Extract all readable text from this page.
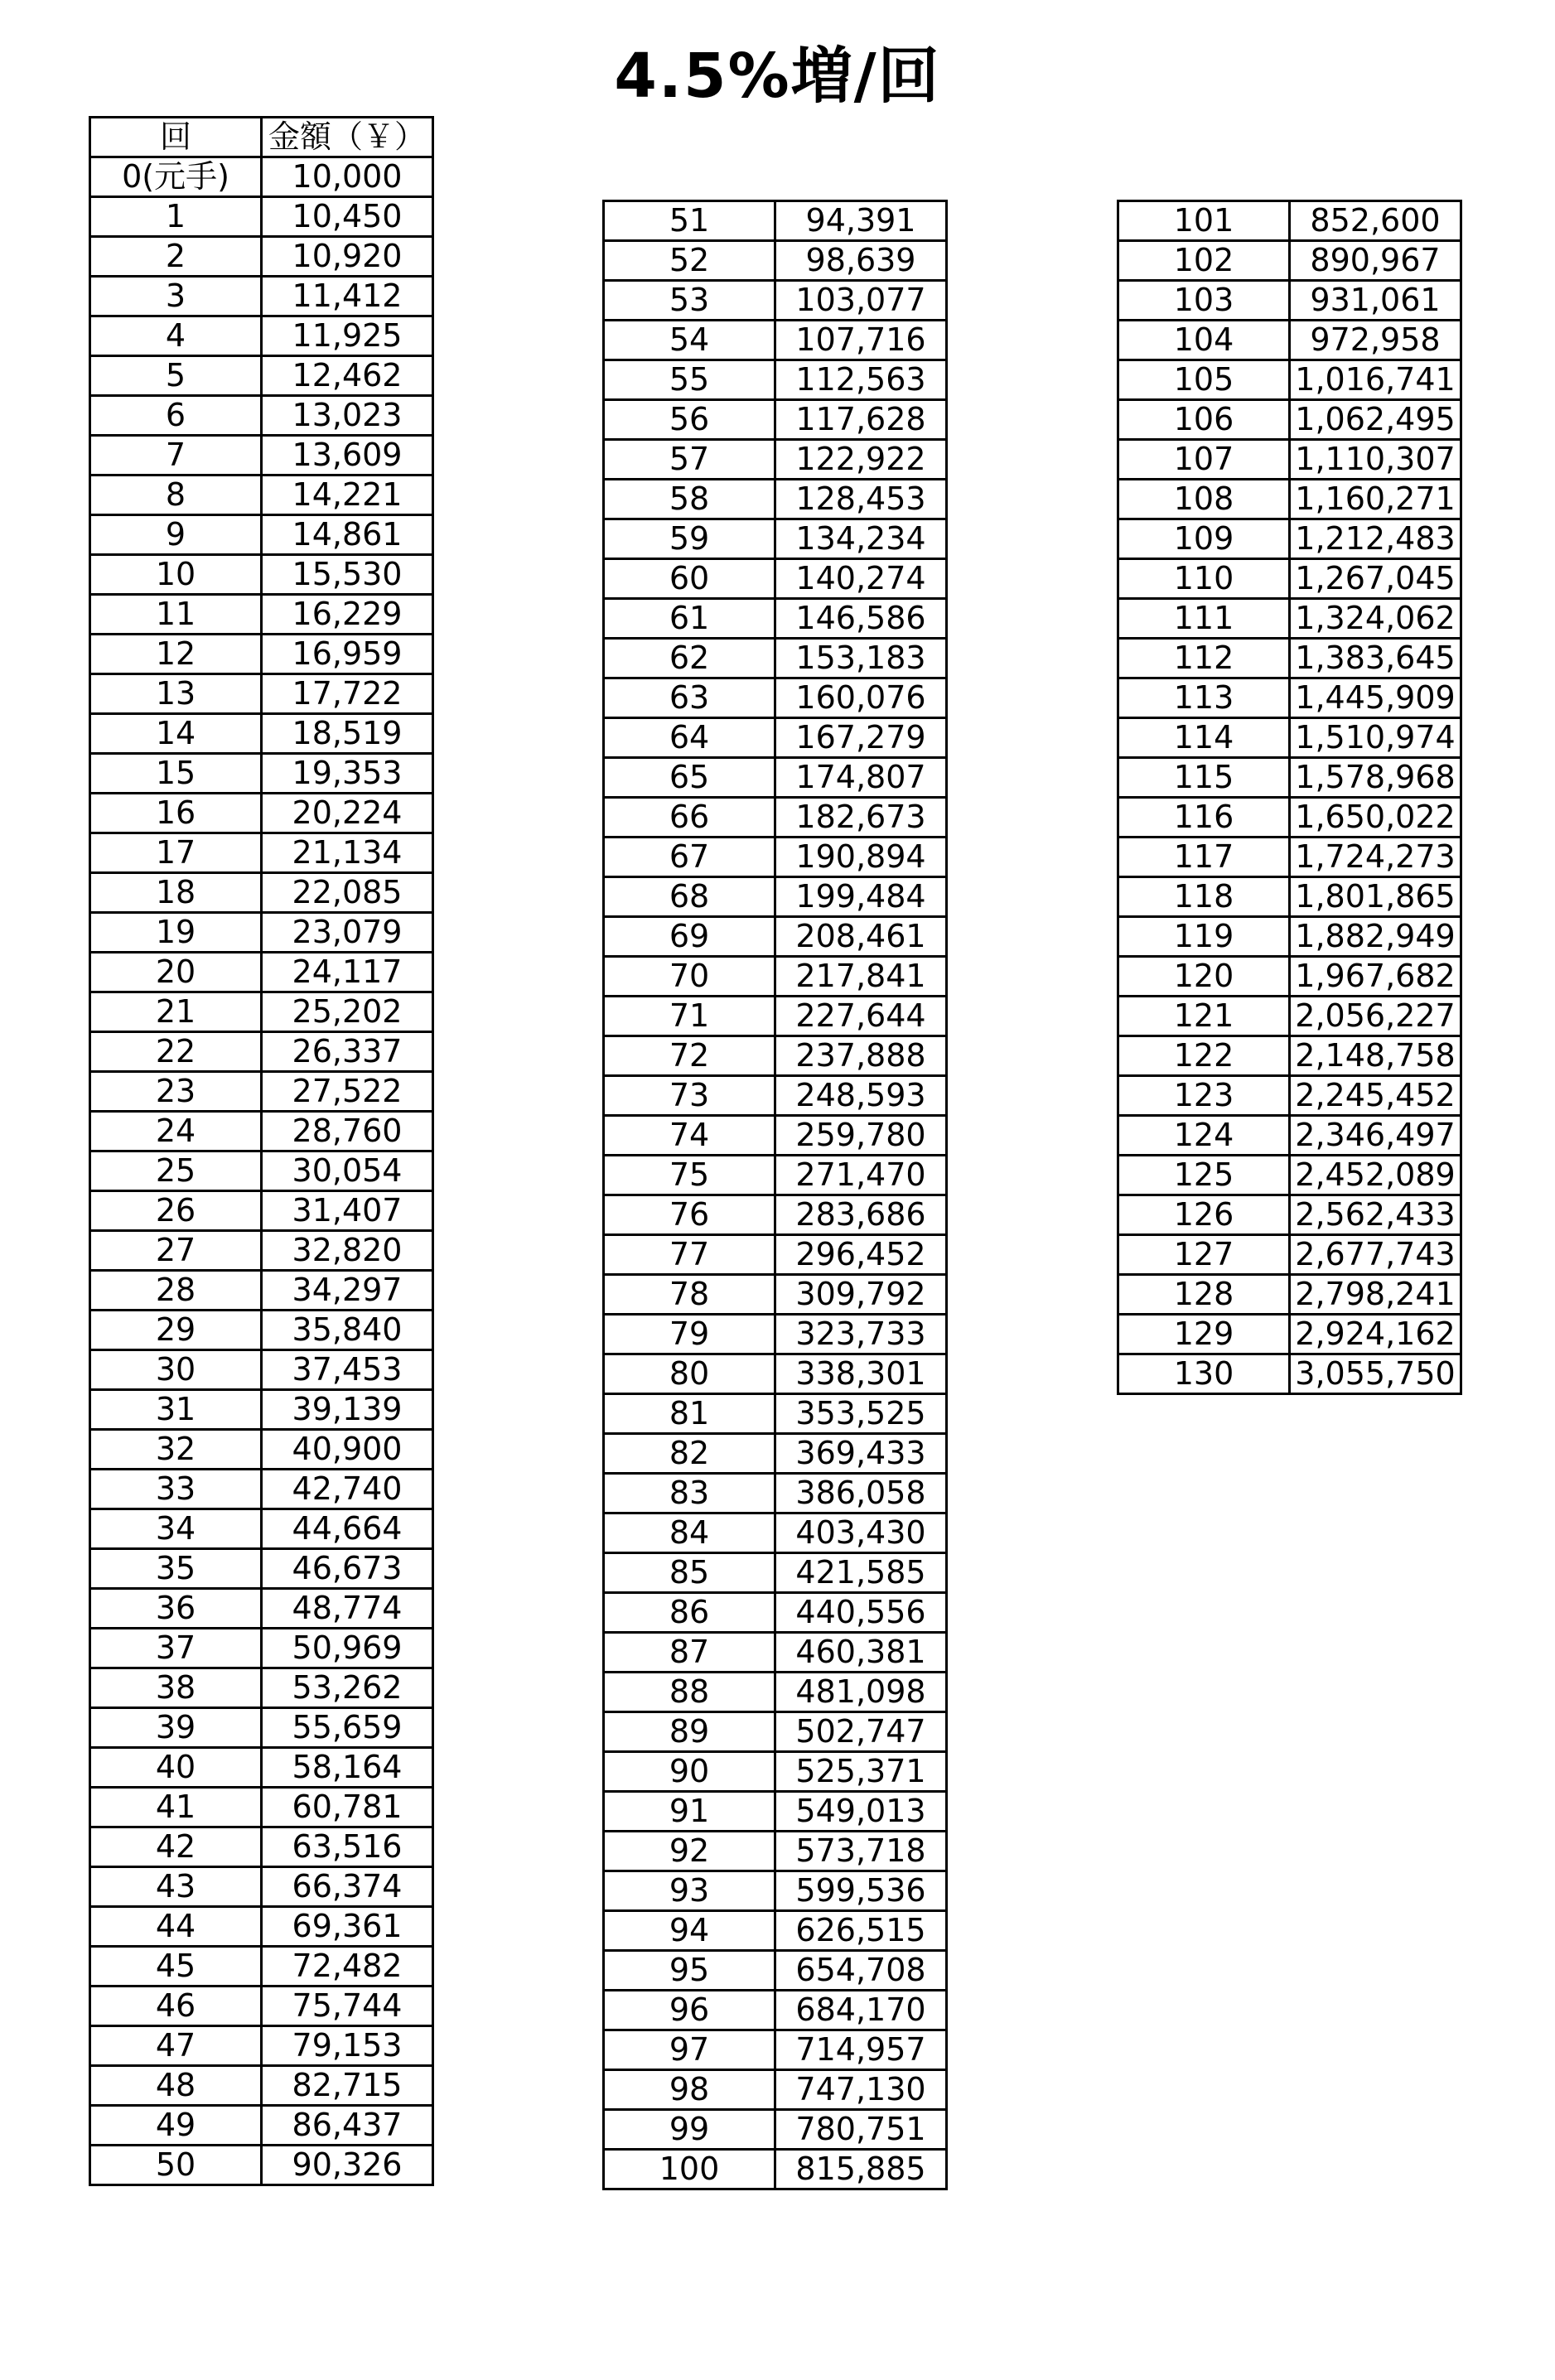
4.5%増/回
回	金額（￥）
0(元手)	10,000
1	10,450
2	10,920
3	11,412
4	11,925
5	12,462
6	13,023
7	13,609
8	14,221
9	14,861
10	15,530
11	16,229
12	16,959
13	17,722
14	18,519
15	19,353
16	20,224
17	21,134
18	22,085
19	23,079
20	24,117
21	25,202
22	26,337
23	27,522
24	28,760
25	30,054
26	31,407
27	32,820
28	34,297
29	35,840
30	37,453
31	39,139
32	40,900
33	42,740
34	44,664
35	46,673
36	48,774
37	50,969
38	53,262
39	55,659
40	58,164
41	60,781
42	63,516
43	66,374
44	69,361
45	72,482
46	75,744
47	79,153
48	82,715
49	86,437
50	90,326
51	94,391
52	98,639
53	103,077
54	107,716
55	112,563
56	117,628
57	122,922
58	128,453
59	134,234
60	140,274
61	146,586
62	153,183
63	160,076
64	167,279
65	174,807
66	182,673
67	190,894
68	199,484
69	208,461
70	217,841
71	227,644
72	237,888
73	248,593
74	259,780
75	271,470
76	283,686
77	296,452
78	309,792
79	323,733
80	338,301
81	353,525
82	369,433
83	386,058
84	403,430
85	421,585
86	440,556
87	460,381
88	481,098
89	502,747
90	525,371
91	549,013
92	573,718
93	599,536
94	626,515
95	654,708
96	684,170
97	714,957
98	747,130
99	780,751
100	815,885
101	852,600
102	890,967
103	931,061
104	972,958
105	1,016,741
106	1,062,495
107	1,110,307
108	1,160,271
109	1,212,483
110	1,267,045
111	1,324,062
112	1,383,645
113	1,445,909
114	1,510,974
115	1,578,968
116	1,650,022
117	1,724,273
118	1,801,865
119	1,882,949
120	1,967,682
121	2,056,227
122	2,148,758
123	2,245,452
124	2,346,497
125	2,452,089
126	2,562,433
127	2,677,743
128	2,798,241
129	2,924,162
130	3,055,750
